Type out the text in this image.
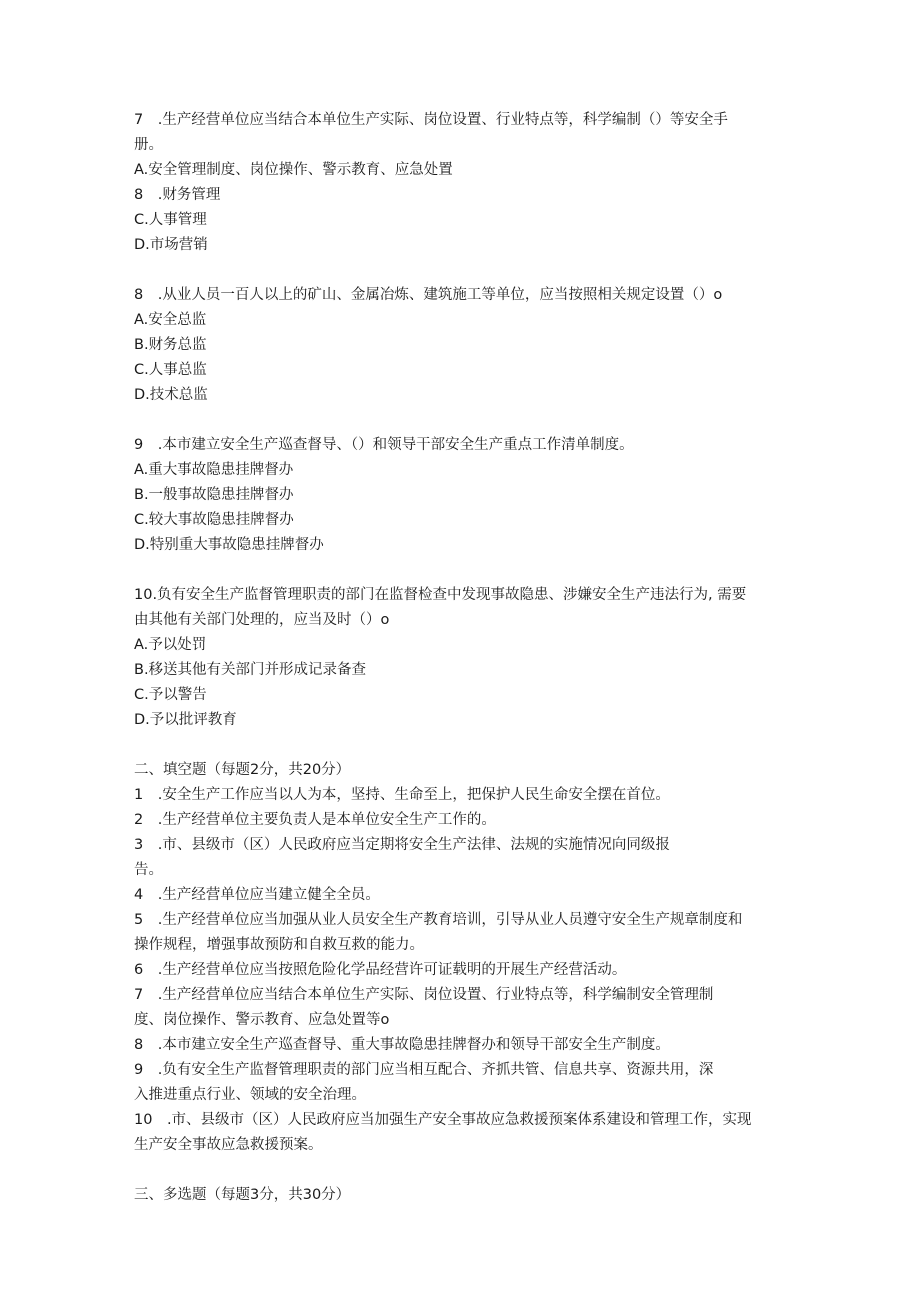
7　.生产经营单位应当结合本单位生产实际、岗位设置、行业特点等，科学编制（）等安全手

册。

A.安全管理制度、岗位操作、警示教育、应急处置

8　.财务管理

C.人事管理

D.市场营销

8　.从业人员一百人以上的矿山、金属冶炼、建筑施工等单位，应当按照相关规定设置（）o

A.安全总监

B.财务总监

C.人事总监

D.技术总监

9　.本市建立安全生产巡查督导、（）和领导干部安全生产重点工作清单制度。

A.重大事故隐患挂牌督办

B.一般事故隐患挂牌督办

C.较大事故隐患挂牌督办

D.特别重大事故隐患挂牌督办

10.负有安全生产监督管理职责的部门在监督检查中发现事故隐患、涉嫌安全生产违法行为, 需要

由其他有关部门处理的，应当及时（）o

A.予以处罚

B.移送其他有关部门并形成记录备查

C.予以警告

D.予以批评教育

二、填空题（每题2分，共20分）

1　.安全生产工作应当以人为本，坚持、生命至上，把保护人民生命安全摆在首位。

2　.生产经营单位主要负责人是本单位安全生产工作的。

3　.市、县级市（区）人民政府应当定期将安全生产法律、法规的实施情况向同级报

告。

4　.生产经营单位应当建立健全全员。

5　.生产经营单位应当加强从业人员安全生产教育培训，引导从业人员遵守安全生产规章制度和

操作规程，增强事故预防和自救互救的能力。

6　.生产经营单位应当按照危险化学品经营许可证载明的开展生产经营活动。

7　.生产经营单位应当结合本单位生产实际、岗位设置、行业特点等，科学编制安全管理制

度、岗位操作、警示教育、应急处置等o

8　.本市建立安全生产巡查督导、重大事故隐患挂牌督办和领导干部安全生产制度。

9　.负有安全生产监督管理职责的部门应当相互配合、齐抓共管、信息共享、资源共用，深

入推进重点行业、领域的安全治理。

10　.市、县级市（区）人民政府应当加强生产安全事故应急救援预案体系建设和管理工作，实现

生产安全事故应急救援预案。

三、多选题（每题3分，共30分）
